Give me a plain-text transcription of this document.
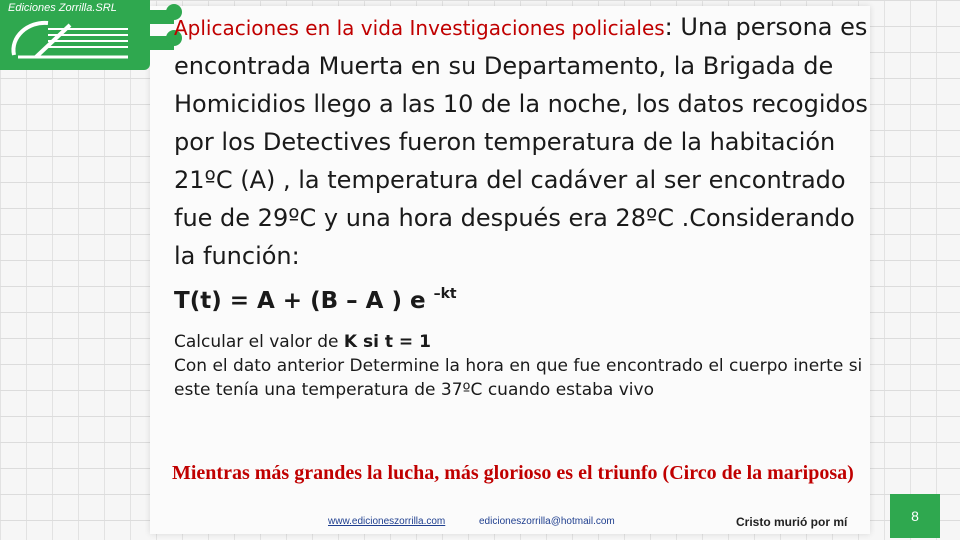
Ediciones Zorrilla.SRL

Aplicaciones en la vida Investigaciones policiales: Una persona es encontrada Muerta en su Departamento, la Brigada de Homicidios llego a las 10 de la noche, los datos recogidos por los Detectives fueron temperatura de la habitación 21ºC (A) , la temperatura del cadáver al ser encontrado fue de 29ºC y una hora después era 28ºC .Considerando la función:

T(t) = A + (B – A ) e $^{-kt}$

Calcular el valor de K si t = 1

Con el dato anterior Determine la hora en que fue encontrado el cuerpo inerte si este tenía una temperatura de 37ºC cuando estaba vivo

Mientras más grandes la lucha, más glorioso es el triunfo (Circo de la mariposa)

www.edicioneszorrilla.com	edicioneszorrilla@hotmail.com	Cristo murió por mí	8
